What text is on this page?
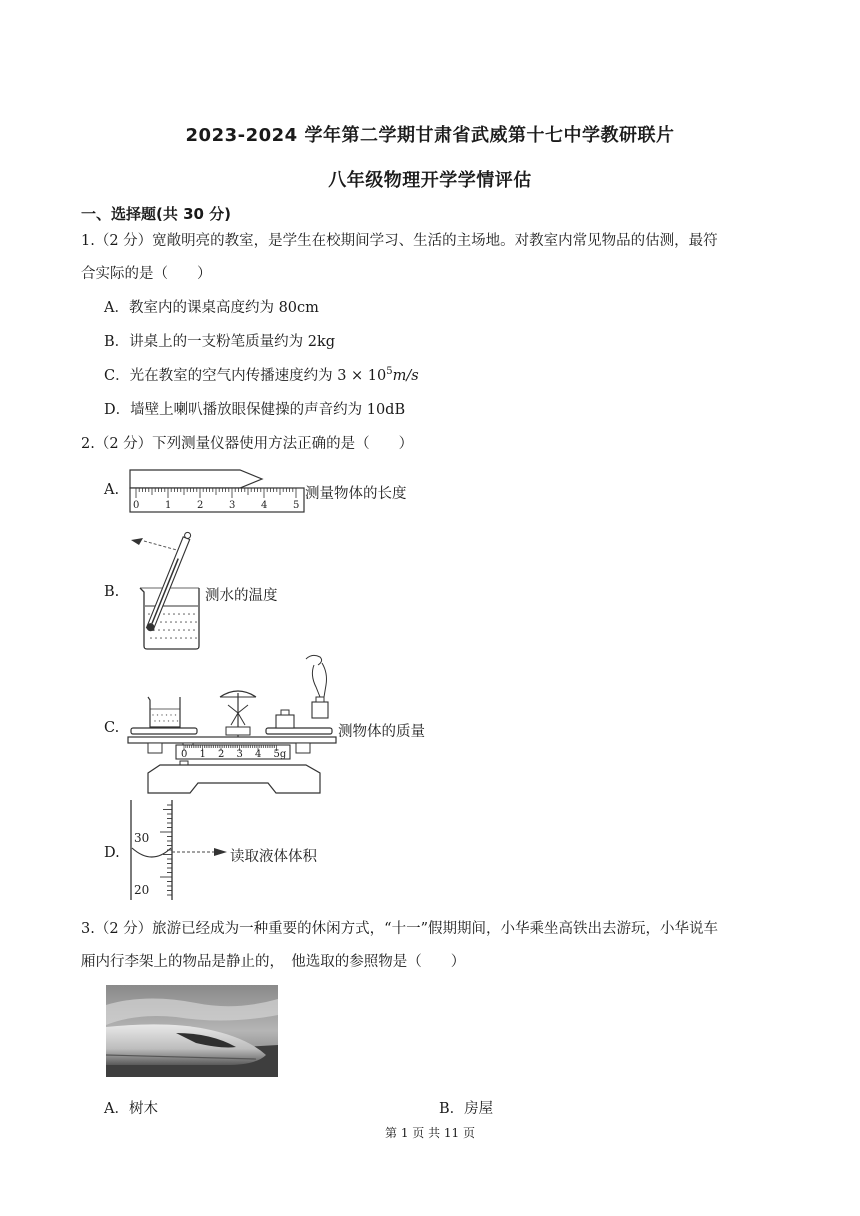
2023-2024 学年第二学期甘肃省武威第十七中学教研联片
八年级物理开学学情评估
一、选择题(共 30 分)
1.（2 分）宽敞明亮的教室，是学生在校期间学习、生活的主场地。对教室内常见物品的估测，最符
合实际的是（　　）
A．教室内的课桌高度约为 80cm
B．讲桌上的一支粉笔质量约为 2kg
C．光在教室的空气内传播速度约为 $3 \times 10^5m/s$
D．墙壁上喇叭播放眼保健操的声音约为 10dB
2.（2 分）下列测量仪器使用方法正确的是（　　）
A.
0	1	2	3	4	5
测量物体的长度
B.	测水的温度
C.
0 1 2 3 4 5g
测物体的质量
D.
30
20
读取液体体积
3.（2 分）旅游已经成为一种重要的休闲方式，“十一”假期期间，小华乘坐高铁出去游玩，小华说车
厢内行李架上的物品是静止的，　他选取的参照物是（　　）
A．树木	B．房屋
第 1 页 共 11 页
